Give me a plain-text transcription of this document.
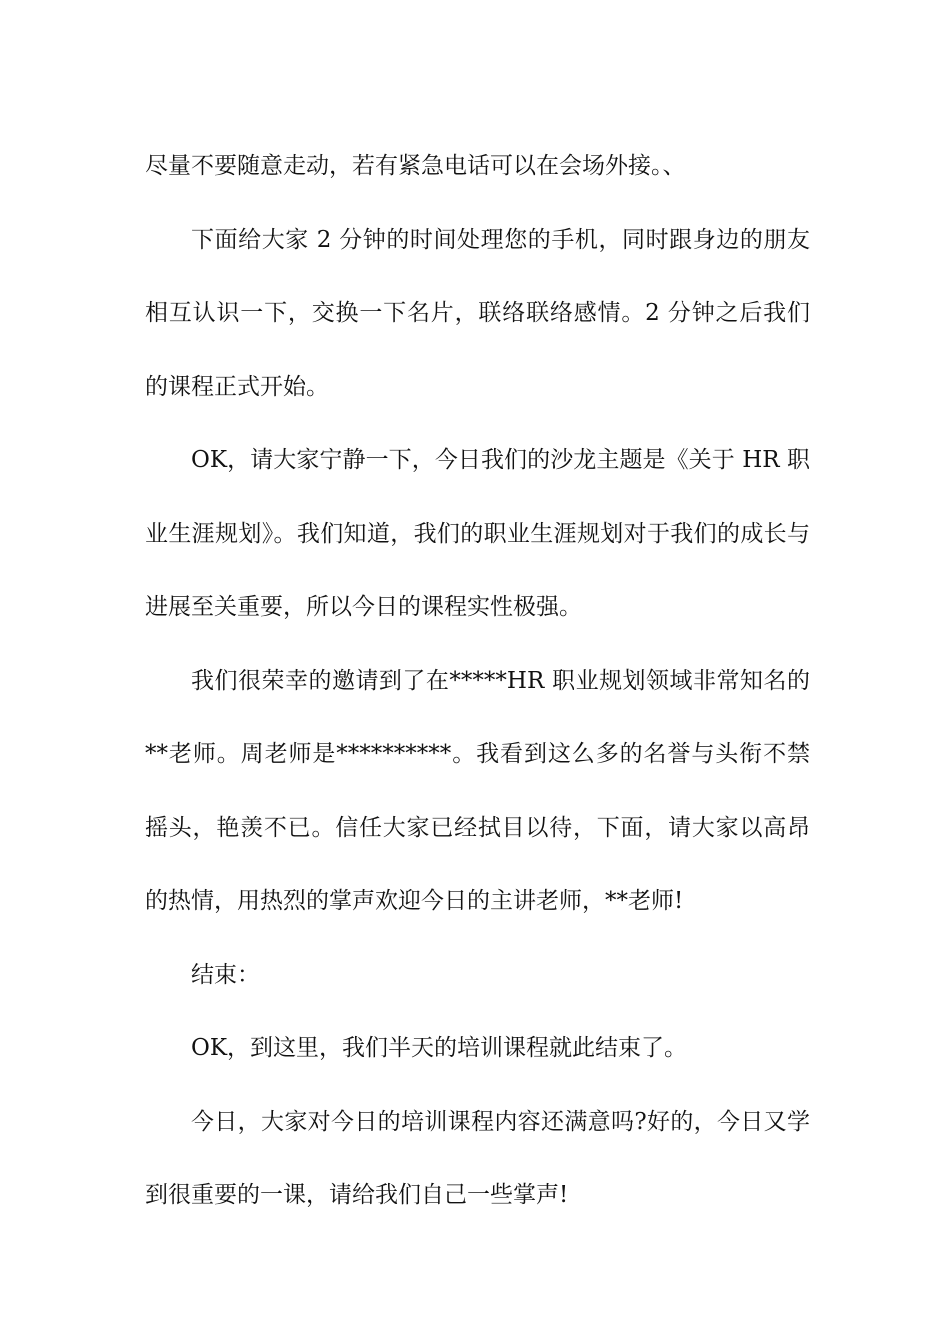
尽量不要随意走动，若有紧急电话可以在会场外接。、

下面给大家 2 分钟的时间处理您的手机，同时跟身边的朋友相互认识一下，交换一下名片，联络联络感情。2 分钟之后我们的课程正式开始。

OK，请大家宁静一下，今日我们的沙龙主题是《关于 HR 职业生涯规划》。我们知道，我们的职业生涯规划对于我们的成长与进展至关重要，所以今日的课程实性极强。

我们很荣幸的邀请到了在*****HR 职业规划领域非常知名的**老师。周老师是**********。我看到这么多的名誉与头衔不禁摇头，艳羡不已。信任大家已经拭目以待，下面，请大家以高昂的热情，用热烈的掌声欢迎今日的主讲老师，**老师!

结束：

OK，到这里，我们半天的培训课程就此结束了。

今日，大家对今日的培训课程内容还满意吗?好的，今日又学到很重要的一课，请给我们自己一些掌声!
